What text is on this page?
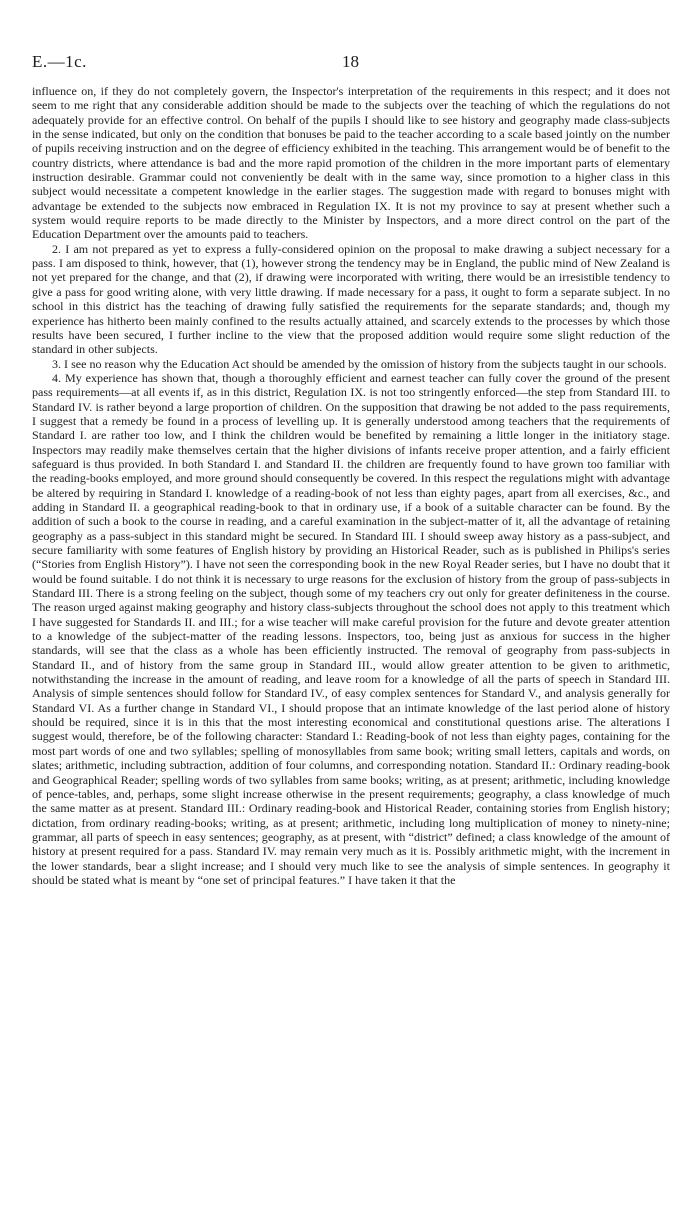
E.—1c.	18

influence on, if they do not completely govern, the Inspector's interpretation of the requirements in this respect; and it does not seem to me right that any considerable addition should be made to the subjects over the teaching of which the regulations do not adequately provide for an effective control. On behalf of the pupils I should like to see history and geography made class-subjects in the sense indicated, but only on the condition that bonuses be paid to the teacher according to a scale based jointly on the number of pupils receiving instruction and on the degree of efficiency exhibited in the teaching. This arrangement would be of benefit to the country districts, where attendance is bad and the more rapid promotion of the children in the more important parts of elementary instruction desirable. Grammar could not conveniently be dealt with in the same way, since promotion to a higher class in this subject would necessitate a competent knowledge in the earlier stages. The suggestion made with regard to bonuses might with advantage be extended to the subjects now embraced in Regulation IX. It is not my province to say at present whether such a system would require reports to be made directly to the Minister by Inspectors, and a more direct control on the part of the Education Department over the amounts paid to teachers.

2. I am not prepared as yet to express a fully-considered opinion on the proposal to make drawing a subject necessary for a pass. I am disposed to think, however, that (1), however strong the tendency may be in England, the public mind of New Zealand is not yet prepared for the change, and that (2), if drawing were incorporated with writing, there would be an irresistible tendency to give a pass for good writing alone, with very little drawing. If made necessary for a pass, it ought to form a separate subject. In no school in this district has the teaching of drawing fully satisfied the requirements for the separate standards; and, though my experience has hitherto been mainly confined to the results actually attained, and scarcely extends to the processes by which those results have been secured, I further incline to the view that the proposed addition would require some slight reduction of the standard in other subjects.

3. I see no reason why the Education Act should be amended by the omission of history from the subjects taught in our schools.

4. My experience has shown that, though a thoroughly efficient and earnest teacher can fully cover the ground of the present pass requirements—at all events if, as in this district, Regulation IX. is not too stringently enforced—the step from Standard III. to Standard IV. is rather beyond a large proportion of children. On the supposition that drawing be not added to the pass requirements, I suggest that a remedy be found in a process of levelling up. It is generally understood among teachers that the requirements of Standard I. are rather too low, and I think the children would be benefited by remaining a little longer in the initiatory stage. Inspectors may readily make themselves certain that the higher divisions of infants receive proper attention, and a fairly efficient safeguard is thus provided. In both Standard I. and Standard II. the children are frequently found to have grown too familiar with the reading-books employed, and more ground should consequently be covered. In this respect the regulations might with advantage be altered by requiring in Standard I. knowledge of a reading-book of not less than eighty pages, apart from all exercises, &c., and adding in Standard II. a geographical reading-book to that in ordinary use, if a book of a suitable character can be found. By the addition of such a book to the course in reading, and a careful examination in the subject-matter of it, all the advantage of retaining geography as a pass-subject in this standard might be secured. In Standard III. I should sweep away history as a pass-subject, and secure familiarity with some features of English history by providing an Historical Reader, such as is published in Philips's series (“Stories from English History”). I have not seen the corresponding book in the new Royal Reader series, but I have no doubt that it would be found suitable. I do not think it is necessary to urge reasons for the exclusion of history from the group of pass-subjects in Standard III. There is a strong feeling on the subject, though some of my teachers cry out only for greater definiteness in the course. The reason urged against making geography and history class-subjects throughout the school does not apply to this treatment which I have suggested for Standards II. and III.; for a wise teacher will make careful provision for the future and devote greater attention to a knowledge of the subject-matter of the reading lessons. Inspectors, too, being just as anxious for success in the higher standards, will see that the class as a whole has been efficiently instructed. The removal of geography from pass-subjects in Standard II., and of history from the same group in Standard III., would allow greater attention to be given to arithmetic, notwithstanding the increase in the amount of reading, and leave room for a knowledge of all the parts of speech in Standard III. Analysis of simple sentences should follow for Standard IV., of easy complex sentences for Standard V., and analysis generally for Standard VI. As a further change in Standard VI., I should propose that an intimate knowledge of the last period alone of history should be required, since it is in this that the most interesting economical and constitutional questions arise. The alterations I suggest would, therefore, be of the following character: Standard I.: Reading-book of not less than eighty pages, containing for the most part words of one and two syllables; spelling of monosyllables from same book; writing small letters, capitals and words, on slates; arithmetic, including subtraction, addition of four columns, and corresponding notation. Standard II.: Ordinary reading-book and Geographical Reader; spelling words of two syllables from same books; writing, as at present; arithmetic, including knowledge of pence-tables, and, perhaps, some slight increase otherwise in the present requirements; geography, a class knowledge of much the same matter as at present. Standard III.: Ordinary reading-book and Historical Reader, containing stories from English history; dictation, from ordinary reading-books; writing, as at present; arithmetic, including long multiplication of money to ninety-nine; grammar, all parts of speech in easy sentences; geography, as at present, with “district” defined; a class knowledge of the amount of history at present required for a pass. Standard IV. may remain very much as it is. Possibly arithmetic might, with the increment in the lower standards, bear a slight increase; and I should very much like to see the analysis of simple sentences. In geography it should be stated what is meant by “one set of principal features.” I have taken it that the
